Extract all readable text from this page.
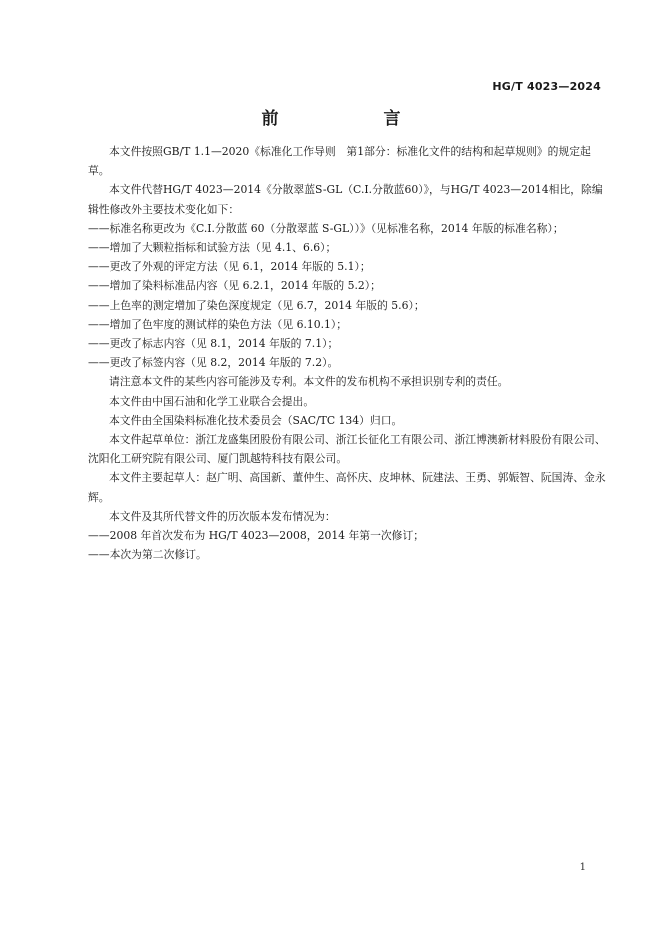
HG/T 4023—2024
前　言

本文件按照GB/T 1.1—2020《标准化工作导则　第1部分：标准化文件的结构和起草规则》的规定起草。

本文件代替HG/T 4023—2014《分散翠蓝S-GL（C.I.分散蓝60）》，与HG/T 4023—2014相比，除编辑性修改外主要技术变化如下：

——标准名称更改为《C.I.分散蓝 60（分散翠蓝 S-GL））》（见标准名称，2014 年版的标准名称）；

——增加了大颗粒指标和试验方法（见 4.1、6.6）；

——更改了外观的评定方法（见 6.1，2014 年版的 5.1）；

——增加了染料标准品内容（见 6.2.1，2014 年版的 5.2）；

——上色率的测定增加了染色深度规定（见 6.7，2014 年版的 5.6）；

——增加了色牢度的测试样的染色方法（见 6.10.1）；

——更改了标志内容（见 8.1，2014 年版的 7.1）；

——更改了标签内容（见 8.2，2014 年版的 7.2）。

请注意本文件的某些内容可能涉及专利。本文件的发布机构不承担识别专利的责任。

本文件由中国石油和化学工业联合会提出。

本文件由全国染料标准化技术委员会（SAC/TC 134）归口。

本文件起草单位：浙江龙盛集团股份有限公司、浙江长征化工有限公司、浙江博澳新材料股份有限公司、沈阳化工研究院有限公司、厦门凯越特科技有限公司。

本文件主要起草人：赵广明、高国新、董仲生、高怀庆、皮坤林、阮建法、王勇、郭娠智、阮国涛、金永辉。

本文件及其所代替文件的历次版本发布情况为：

——2008 年首次发布为 HG/T 4023—2008，2014 年第一次修订；

——本次为第二次修订。

1
